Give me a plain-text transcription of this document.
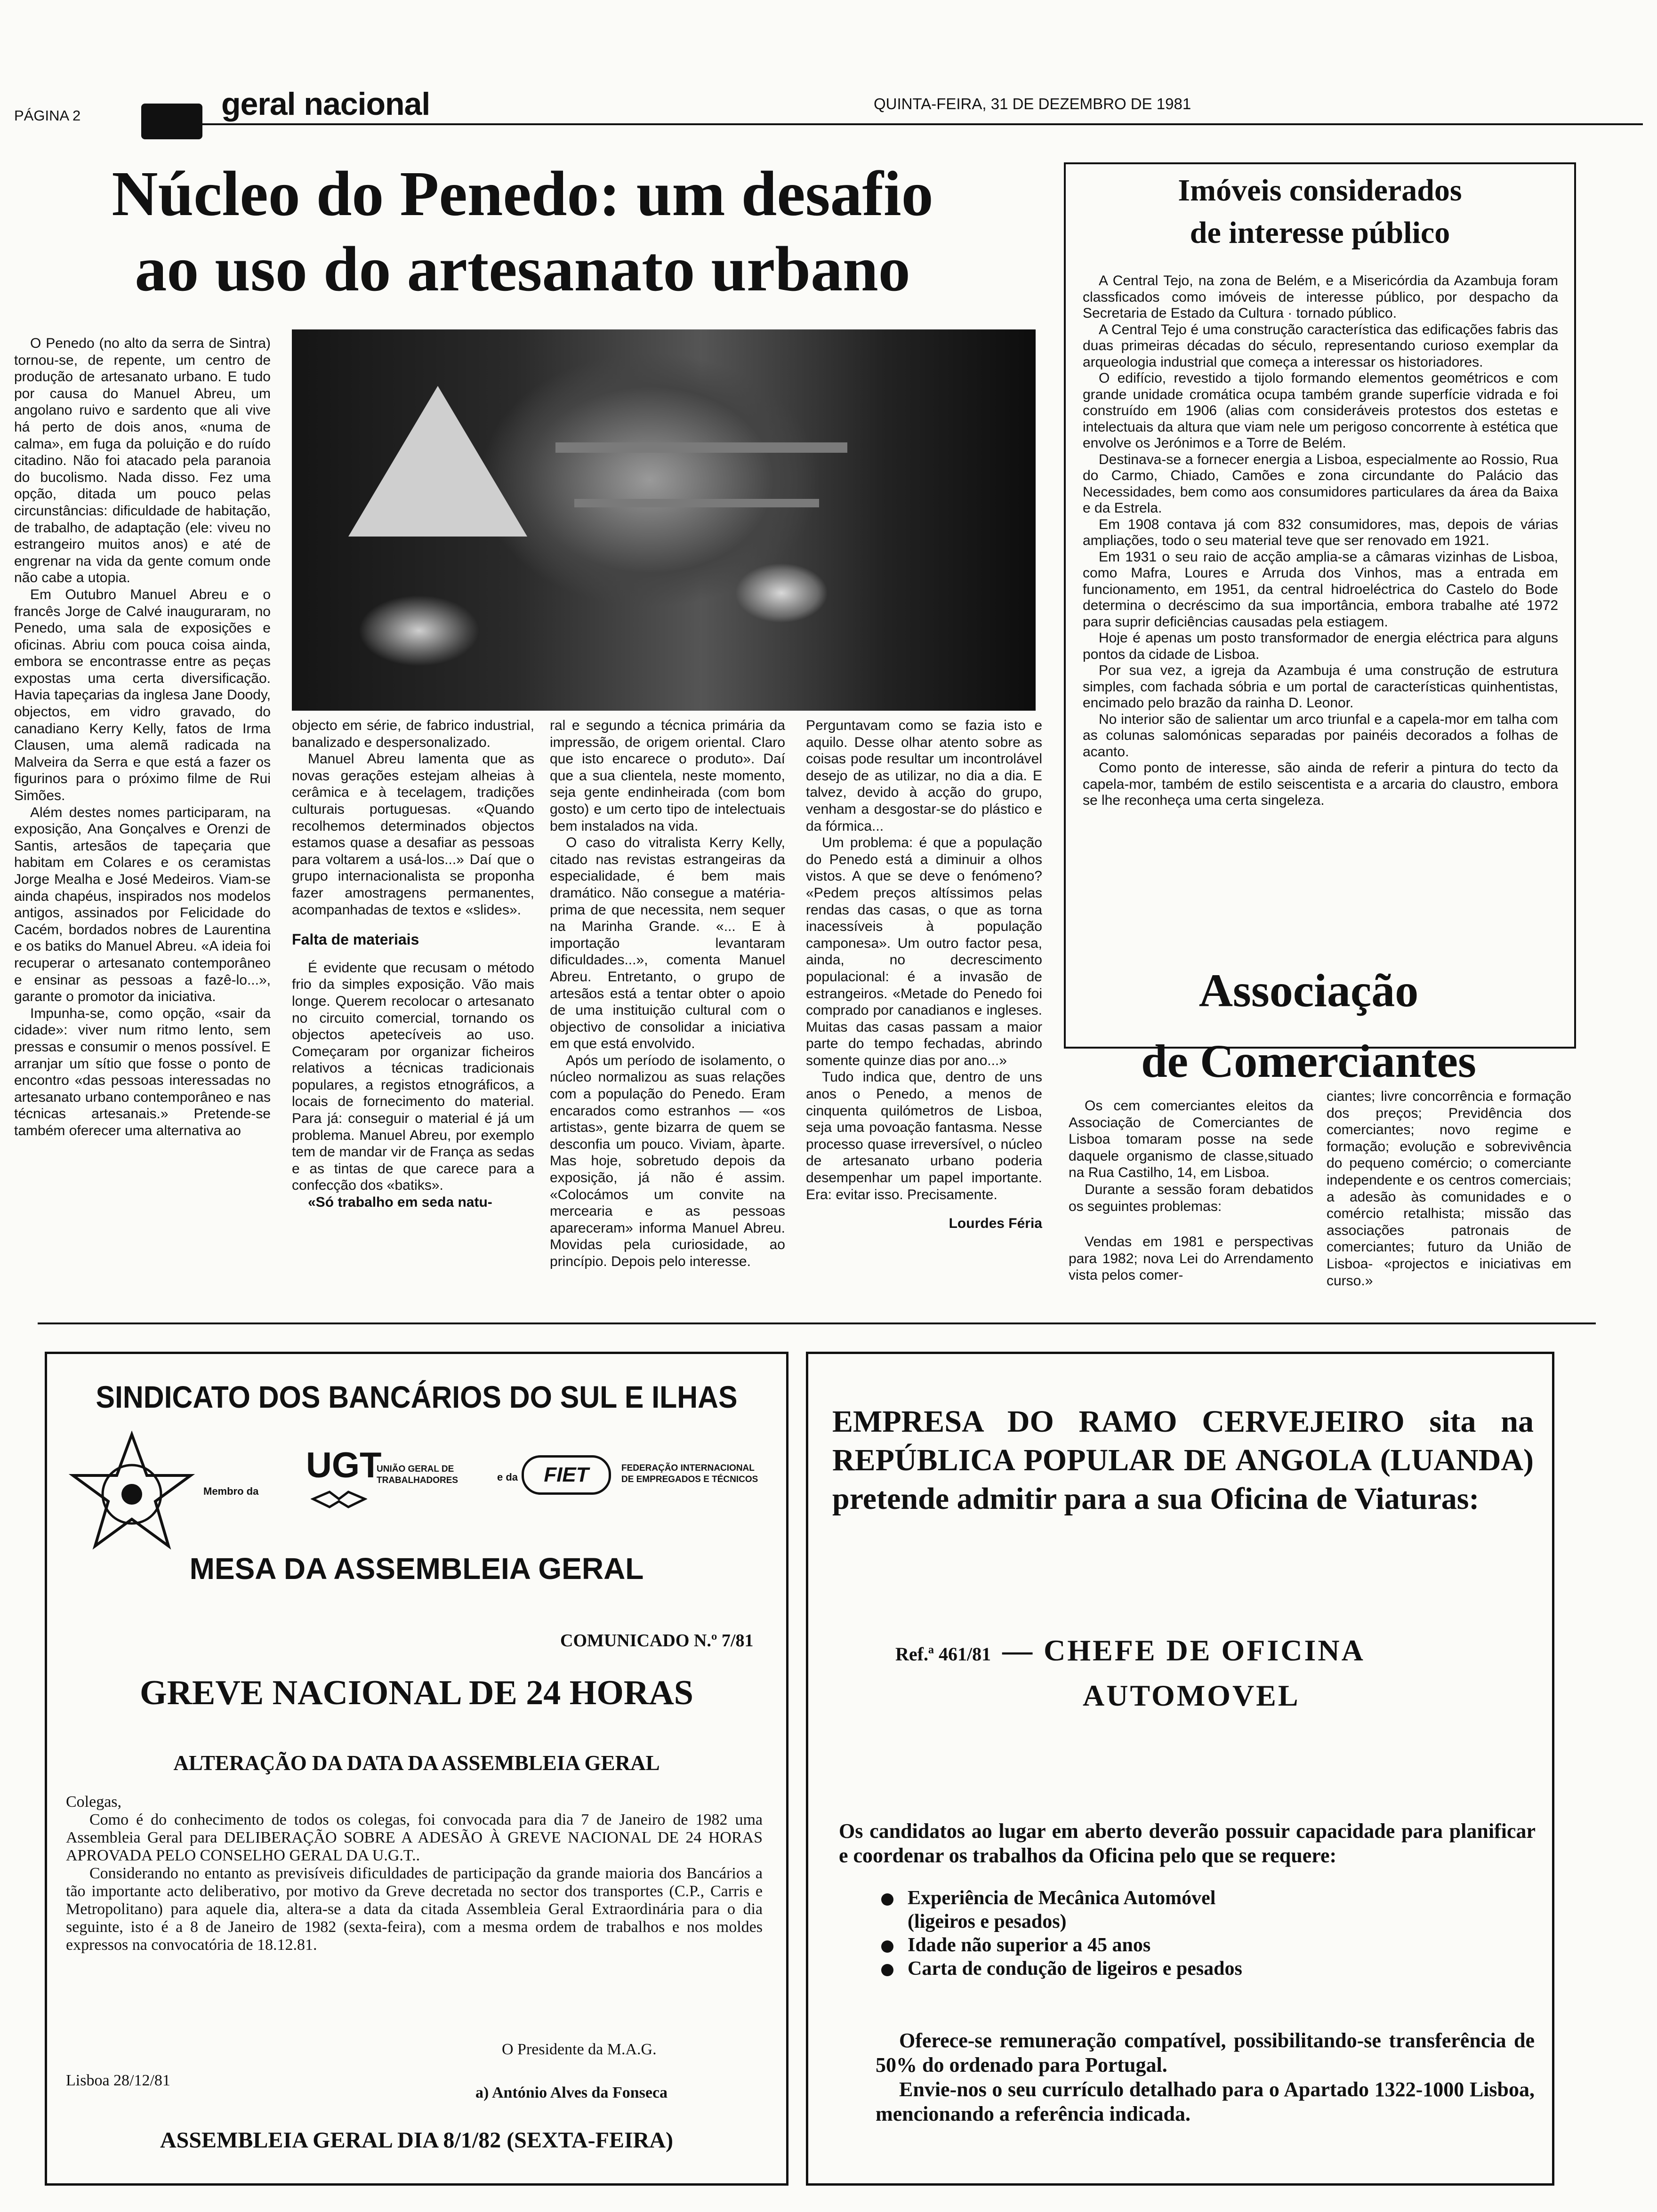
PÁGINA 2	geral nacional	QUINTA-FEIRA, 31 DE DEZEMBRO DE 1981
Núcleo do Penedo: um desafio
ao uso do artesanato urbano

O Penedo (no alto da serra de Sintra) tornou-se, de repente, um centro de produção de artesanato urbano. E tudo por causa do Manuel Abreu, um angolano ruivo e sardento que ali vive há perto de dois anos, «numa de calma», em fuga da poluição e do ruído citadino. Não foi atacado pela paranoia do bucolismo. Nada disso. Fez uma opção, ditada um pouco pelas circunstâncias: dificuldade de habitação, de trabalho, de adaptação (ele: viveu no estrangeiro muitos anos) e até de engrenar na vida da gente comum onde não cabe a utopia.

Em Outubro Manuel Abreu e o francês Jorge de Calvé inauguraram, no Penedo, uma sala de exposições e oficinas. Abriu com pouca coisa ainda, embora se encontrasse entre as peças expostas uma certa diversificação. Havia tapeçarias da inglesa Jane Doody, objectos, em vidro gravado, do canadiano Kerry Kelly, fatos de Irma Clausen, uma alemã radicada na Malveira da Serra e que está a fazer os figurinos para o próximo filme de Rui Simões.

Além destes nomes participaram, na exposição, Ana Gonçalves e Orenzi de Santis, artesãos de tapeçaria que habitam em Colares e os ceramistas Jorge Mealha e José Medeiros. Viam-se ainda chapéus, inspirados nos modelos antigos, assinados por Felicidade do Cacém, bordados nobres de Laurentina e os batiks do Manuel Abreu. «A ideia foi recuperar o artesanato contemporâneo e ensinar as pessoas a fazê-lo...», garante o promotor da iniciativa.

Impunha-se, como opção, «sair da cidade»: viver num ritmo lento, sem pressas e consumir o menos possível. E arranjar um sítio que fosse o ponto de encontro «das pessoas interessadas no artesanato urbano contemporâneo e nas técnicas artesanais.» Pretende-se também oferecer uma alternativa ao

objecto em série, de fabrico industrial, banalizado e despersonalizado.

Manuel Abreu lamenta que as novas gerações estejam alheias à cerâmica e à tecelagem, tradições culturais portuguesas. «Quando recolhemos determinados objectos estamos quase a desafiar as pessoas para voltarem a usá-los...» Daí que o grupo internacionalista se proponha fazer amostragens permanentes, acompanhadas de textos e «slides».

Falta de materiais

É evidente que recusam o método frio da simples exposição. Vão mais longe. Querem recolocar o artesanato no circuito comercial, tornando os objectos apetecíveis ao uso. Começaram por organizar ficheiros relativos a técnicas tradicionais populares, a registos etnográficos, a locais de fornecimento do material. Para já: conseguir o material é já um problema. Manuel Abreu, por exemplo tem de mandar vir de França as sedas e as tintas de que carece para a confecção dos «batiks».

«Só trabalho em seda natu-

ral e segundo a técnica primária da impressão, de origem oriental. Claro que isto encarece o produto». Daí que a sua clientela, neste momento, seja gente endinheirada (com bom gosto) e um certo tipo de intelectuais bem instalados na vida.

O caso do vitralista Kerry Kelly, citado nas revistas estrangeiras da especialidade, é bem mais dramático. Não consegue a matéria-prima de que necessita, nem sequer na Marinha Grande. «... E à importação levantaram dificuldades...», comenta Manuel Abreu. Entretanto, o grupo de artesãos está a tentar obter o apoio de uma instituição cultural com o objectivo de consolidar a iniciativa em que está envolvido.

Após um período de isolamento, o núcleo normalizou as suas relações com a população do Penedo. Eram encarados como estranhos — «os artistas», gente bizarra de quem se desconfia um pouco. Viviam, àparte. Mas hoje, sobretudo depois da exposição, já não é assim. «Colocámos um convite na mercearia e as pessoas apareceram» informa Manuel Abreu. Movidas pela curiosidade, ao princípio. Depois pelo interesse.

Perguntavam como se fazia isto e aquilo. Desse olhar atento sobre as coisas pode resultar um incontrolável desejo de as utilizar, no dia a dia. E talvez, devido à acção do grupo, venham a desgostar-se do plástico e da fórmica...

Um problema: é que a população do Penedo está a diminuir a olhos vistos. A que se deve o fenómeno? «Pedem preços altíssimos pelas rendas das casas, o que as torna inacessíveis à população camponesa». Um outro factor pesa, ainda, no decrescimento populacional: é a invasão de estrangeiros. «Metade do Penedo foi comprado por canadianos e ingleses. Muitas das casas passam a maior parte do tempo fechadas, abrindo somente quinze dias por ano...»

Tudo indica que, dentro de uns anos o Penedo, a menos de cinquenta quilómetros de Lisboa, seja uma povoação fantasma. Nesse processo quase irreversível, o núcleo de artesanato urbano poderia desempenhar um papel importante. Era: evitar isso. Precisamente.

Lourdes Féria
Imóveis considerados
de interesse público

A Central Tejo, na zona de Belém, e a Misericórdia da Azambuja foram classficados como imóveis de interesse público, por despacho da Secretaria de Estado da Cultura · tornado público.

A Central Tejo é uma construção característica das edificações fabris das duas primeiras décadas do século, representando curioso exemplar da arqueologia industrial que começa a interessar os historiadores.

O edifício, revestido a tijolo formando elementos geométricos e com grande unidade cromática ocupa também grande superfície vidrada e foi construído em 1906 (alias com consideráveis protestos dos estetas e intelectuais da altura que viam nele um perigoso concorrente à estética que envolve os Jerónimos e a Torre de Belém.

Destinava-se a fornecer energia a Lisboa, especialmente ao Rossio, Rua do Carmo, Chiado, Camões e zona circundante do Palácio das Necessidades, bem como aos consumidores particulares da área da Baixa e da Estrela.

Em 1908 contava já com 832 consumidores, mas, depois de várias ampliações, todo o seu material teve que ser renovado em 1921.

Em 1931 o seu raio de acção amplia-se a câmaras vizinhas de Lisboa, como Mafra, Loures e Arruda dos Vinhos, mas a entrada em funcionamento, em 1951, da central hidroeléctrica do Castelo do Bode determina o decréscimo da sua importância, embora trabalhe até 1972 para suprir deficiências causadas pela estiagem.

Hoje é apenas um posto transformador de energia eléctrica para alguns pontos da cidade de Lisboa.

Por sua vez, a igreja da Azambuja é uma construção de estrutura simples, com fachada sóbria e um portal de características quinhentistas, encimado pelo brazão da rainha D. Leonor.

No interior são de salientar um arco triunfal e a capela-mor em talha com as colunas salomónicas separadas por painéis decorados a folhas de acanto.

Como ponto de interesse, são ainda de referir a pintura do tecto da capela-mor, também de estilo seiscentista e a arcaria do claustro, embora se lhe reconheça uma certa singeleza.

Associação
de Comerciantes

Os cem comerciantes eleitos da Associação de Comerciantes de Lisboa tomaram posse na sede daquele organismo de classe,situado na Rua Castilho, 14, em Lisboa.

Durante a sessão foram debatidos os seguintes problemas:

Vendas em 1981 e perspectivas para 1982; nova Lei do Arrendamento vista pelos comer-

ciantes; livre concorrência e formação dos preços; Previdência dos comerciantes; novo regime e formação; evolução e sobrevivência do pequeno comércio; o comerciante independente e os centros comerciais; a adesão às comunidades e o comércio retalhista; missão das associações patronais de comerciantes; futuro da União de Lisboa- «projectos e iniciativas em curso.»

SINDICATO DOS BANCÁRIOS DO SUL E ILHAS
Membro da
UGT
UNIÃO GERAL DE
TRABALHADORES	e da	FIET	FEDERAÇÃO INTERNACIONAL
DE EMPREGADOS E TÉCNICOS
MESA DA ASSEMBLEIA GERAL
COMUNICADO N.º 7/81
GREVE NACIONAL DE 24 HORAS
ALTERAÇÃO DA DATA DA ASSEMBLEIA GERAL
Colegas,

Como é do conhecimento de todos os colegas, foi convocada para dia 7 de Janeiro de 1982 uma Assembleia Geral para DELIBERAÇÃO SOBRE A ADESÃO À GREVE NACIONAL DE 24 HORAS APROVADA PELO CONSELHO GERAL DA U.G.T..

Considerando no entanto as previsíveis dificuldades de participação da grande maioria dos Bancários a tão importante acto deliberativo, por motivo da Greve decretada no sector dos transportes (C.P., Carris e Metropolitano) para aquele dia, altera-se a data da citada Assembleia Geral Extraordinária para o dia seguinte, isto é a 8 de Janeiro de 1982 (sexta-feira), com a mesma ordem de trabalhos e nos moldes expressos na convocatória de 18.12.81.

O Presidente da M.A.G.
Lisboa 28/12/81
a) António Alves da Fonseca
ASSEMBLEIA GERAL DIA 8/1/82 (SEXTA-FEIRA)
EMPRESA DO RAMO CERVEJEIRO sita na REPÚBLICA POPULAR DE ANGOLA (LUANDA) pretende admitir para a sua Oficina de Viaturas:
Ref.ª 461/81 — CHEFE DE OFICINA
AUTOMOVEL
Os candidatos ao lugar em aberto deverão possuir capacidade para planificar e coordenar os trabalhos da Oficina pelo que se requere:
Experiência de Mecânica Automóvel
(ligeiros e pesados)
Idade não superior a 45 anos
Carta de condução de ligeiros e pesados

Oferece-se remuneração compatível, possibilitando-se transferência de 50% do ordenado para Portugal.

Envie-nos o seu currículo detalhado para o Apartado 1322-1000 Lisboa, mencionando a referência indicada.
